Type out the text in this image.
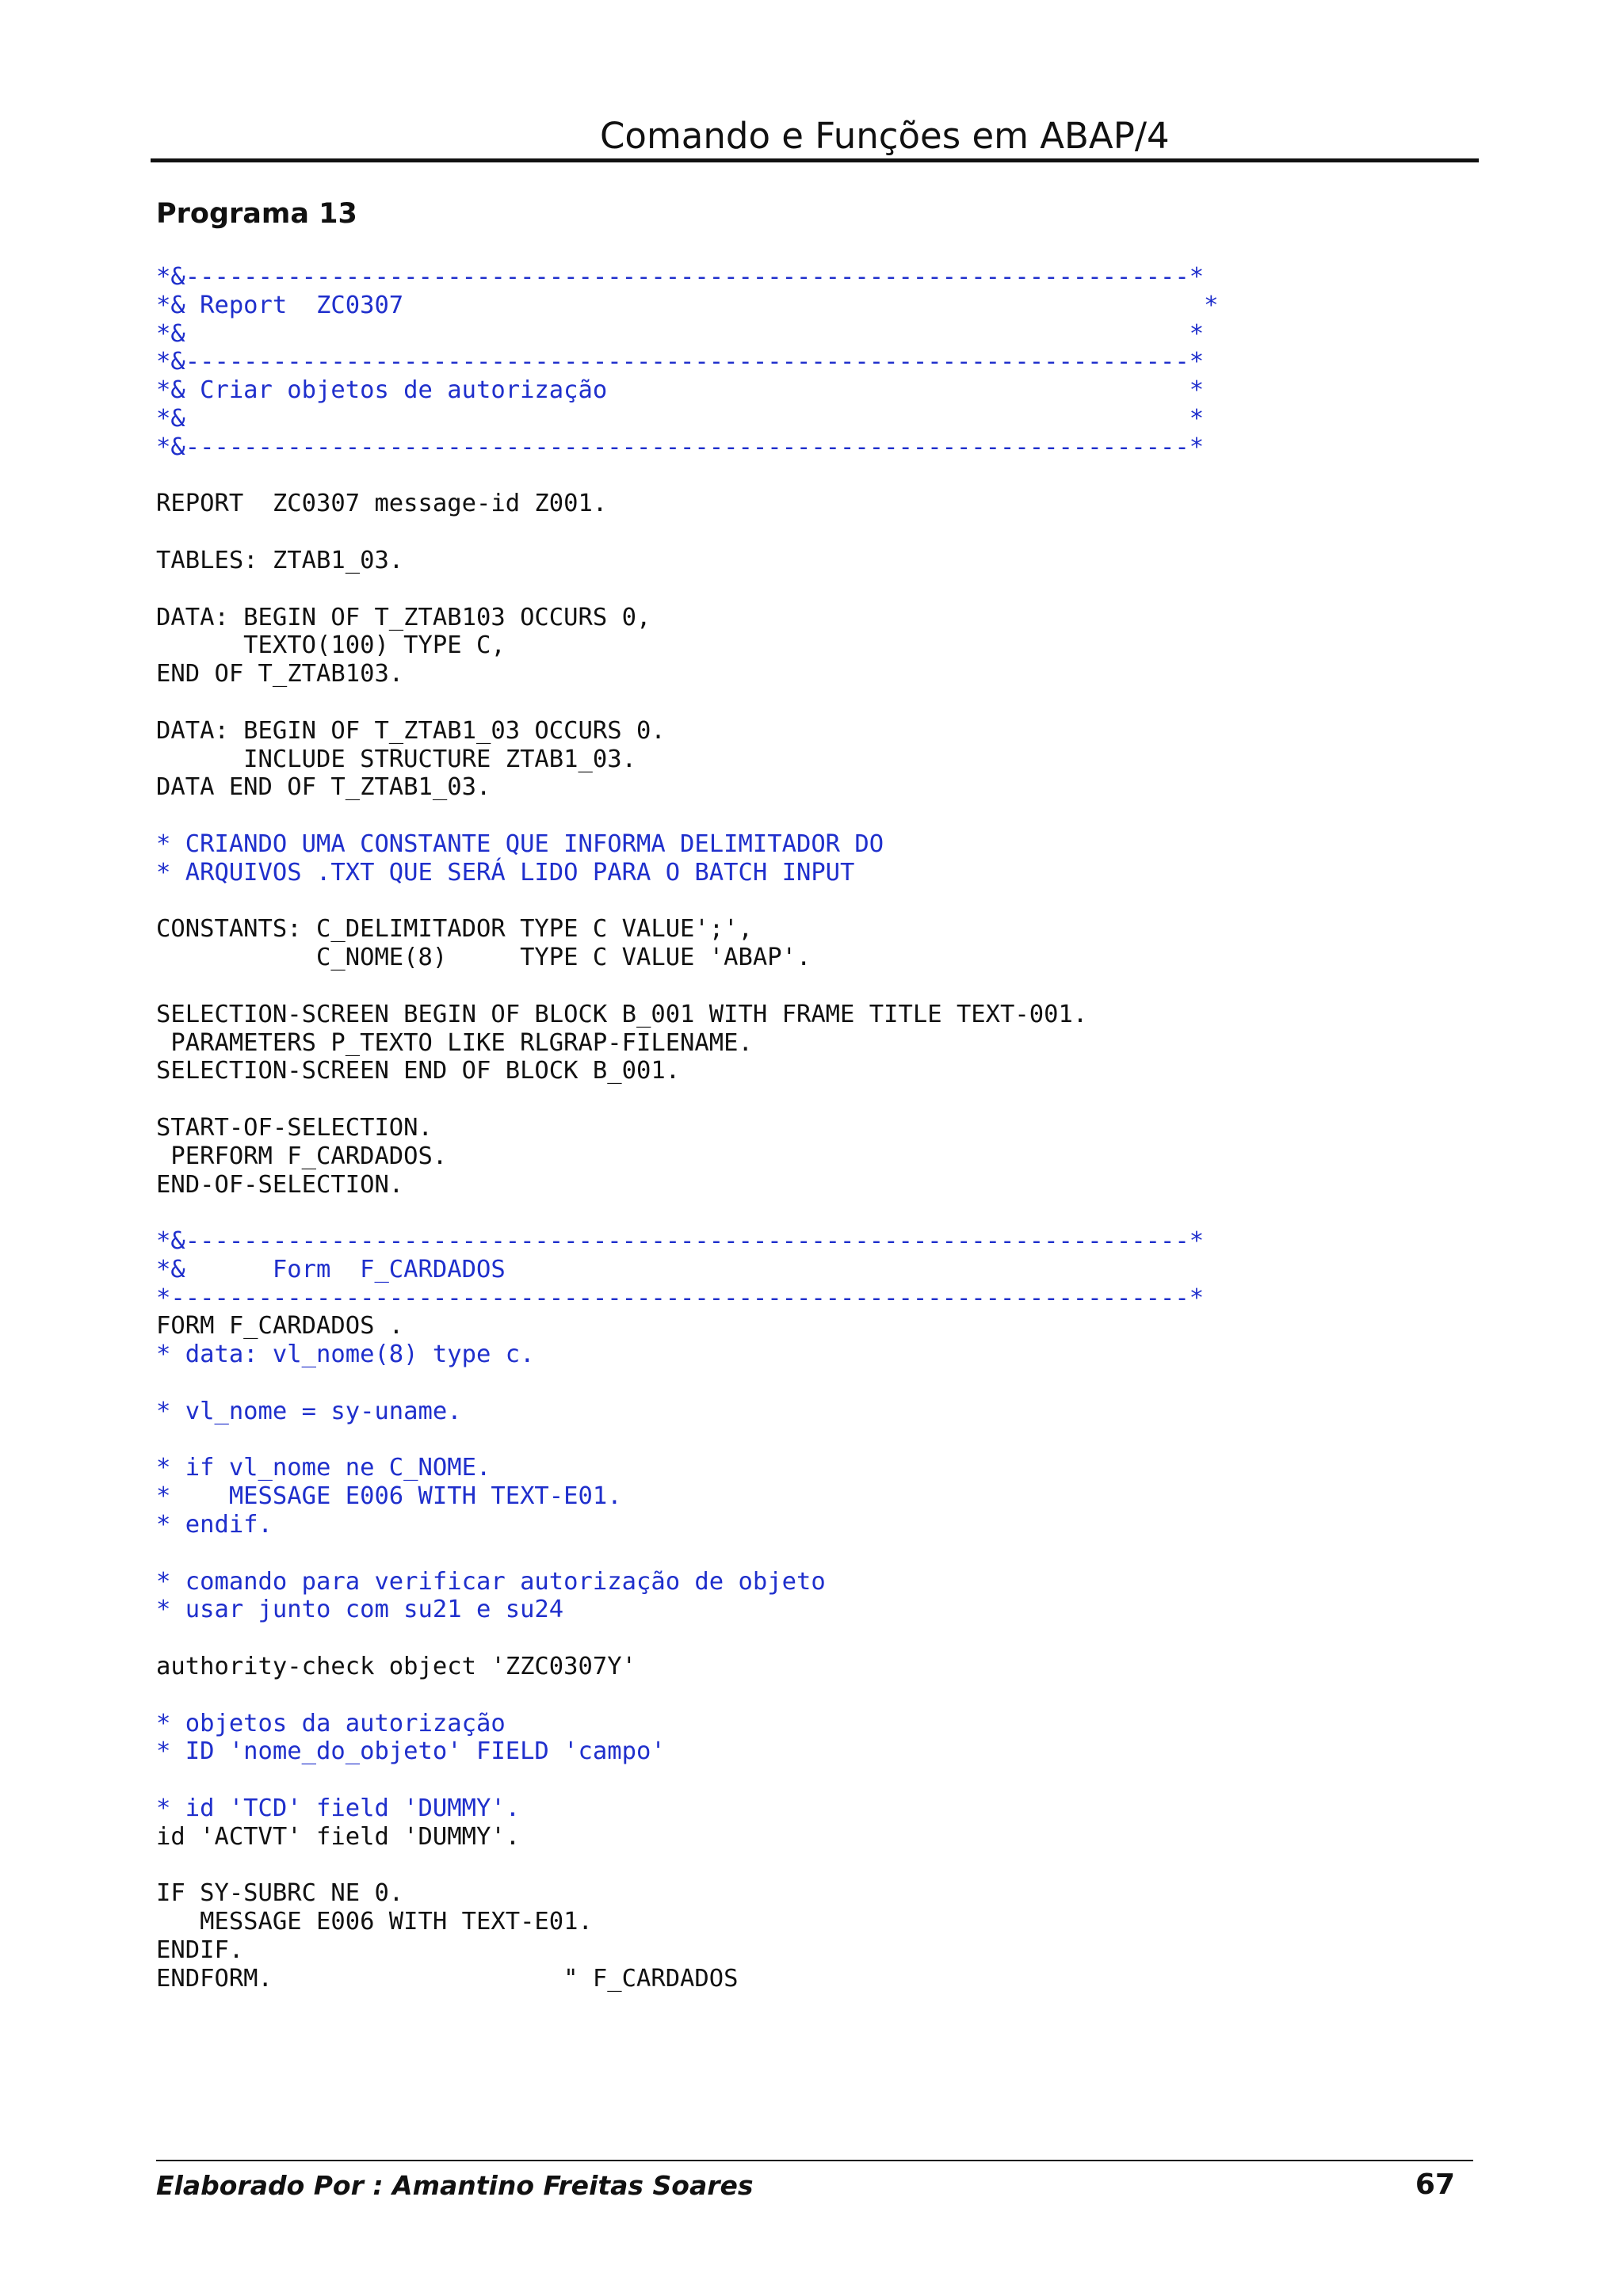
Comando e Funções em ABAP/4
Programa 13
*&---------------------------------------------------------------------*
*& Report  ZC0307                                                       *
*&                                                                     *
*&---------------------------------------------------------------------*
*& Criar objetos de autorização                                        *
*&                                                                     *
*&---------------------------------------------------------------------*
REPORT  ZC0307 message-id Z001.
TABLES: ZTAB1_03.
DATA: BEGIN OF T_ZTAB103 OCCURS 0,
TEXTO(100) TYPE C,
END OF T_ZTAB103.
DATA: BEGIN OF T_ZTAB1_03 OCCURS 0.
INCLUDE STRUCTURE ZTAB1_03.
DATA END OF T_ZTAB1_03.
* CRIANDO UMA CONSTANTE QUE INFORMA DELIMITADOR DO
* ARQUIVOS .TXT QUE SERÁ LIDO PARA O BATCH INPUT
CONSTANTS: C_DELIMITADOR TYPE C VALUE';',
C_NOME(8)     TYPE C VALUE 'ABAP'.
SELECTION-SCREEN BEGIN OF BLOCK B_001 WITH FRAME TITLE TEXT-001.
PARAMETERS P_TEXTO LIKE RLGRAP-FILENAME.
SELECTION-SCREEN END OF BLOCK B_001.
START-OF-SELECTION.
PERFORM F_CARDADOS.
END-OF-SELECTION.
*&---------------------------------------------------------------------*
*&      Form  F_CARDADOS
*----------------------------------------------------------------------*
FORM F_CARDADOS .
* data: vl_nome(8) type c.
* vl_nome = sy-uname.
* if vl_nome ne C_NOME.
*    MESSAGE E006 WITH TEXT-E01.
* endif.
* comando para verificar autorização de objeto
* usar junto com su21 e su24
authority-check object 'ZZC0307Y'
* objetos da autorização
* ID 'nome_do_objeto' FIELD 'campo'
* id 'TCD' field 'DUMMY'.
id 'ACTVT' field 'DUMMY'.
IF SY-SUBRC NE 0.
MESSAGE E006 WITH TEXT-E01.
ENDIF.
ENDFORM.                    " F_CARDADOS
Elaborado Por : Amantino Freitas Soares	67
